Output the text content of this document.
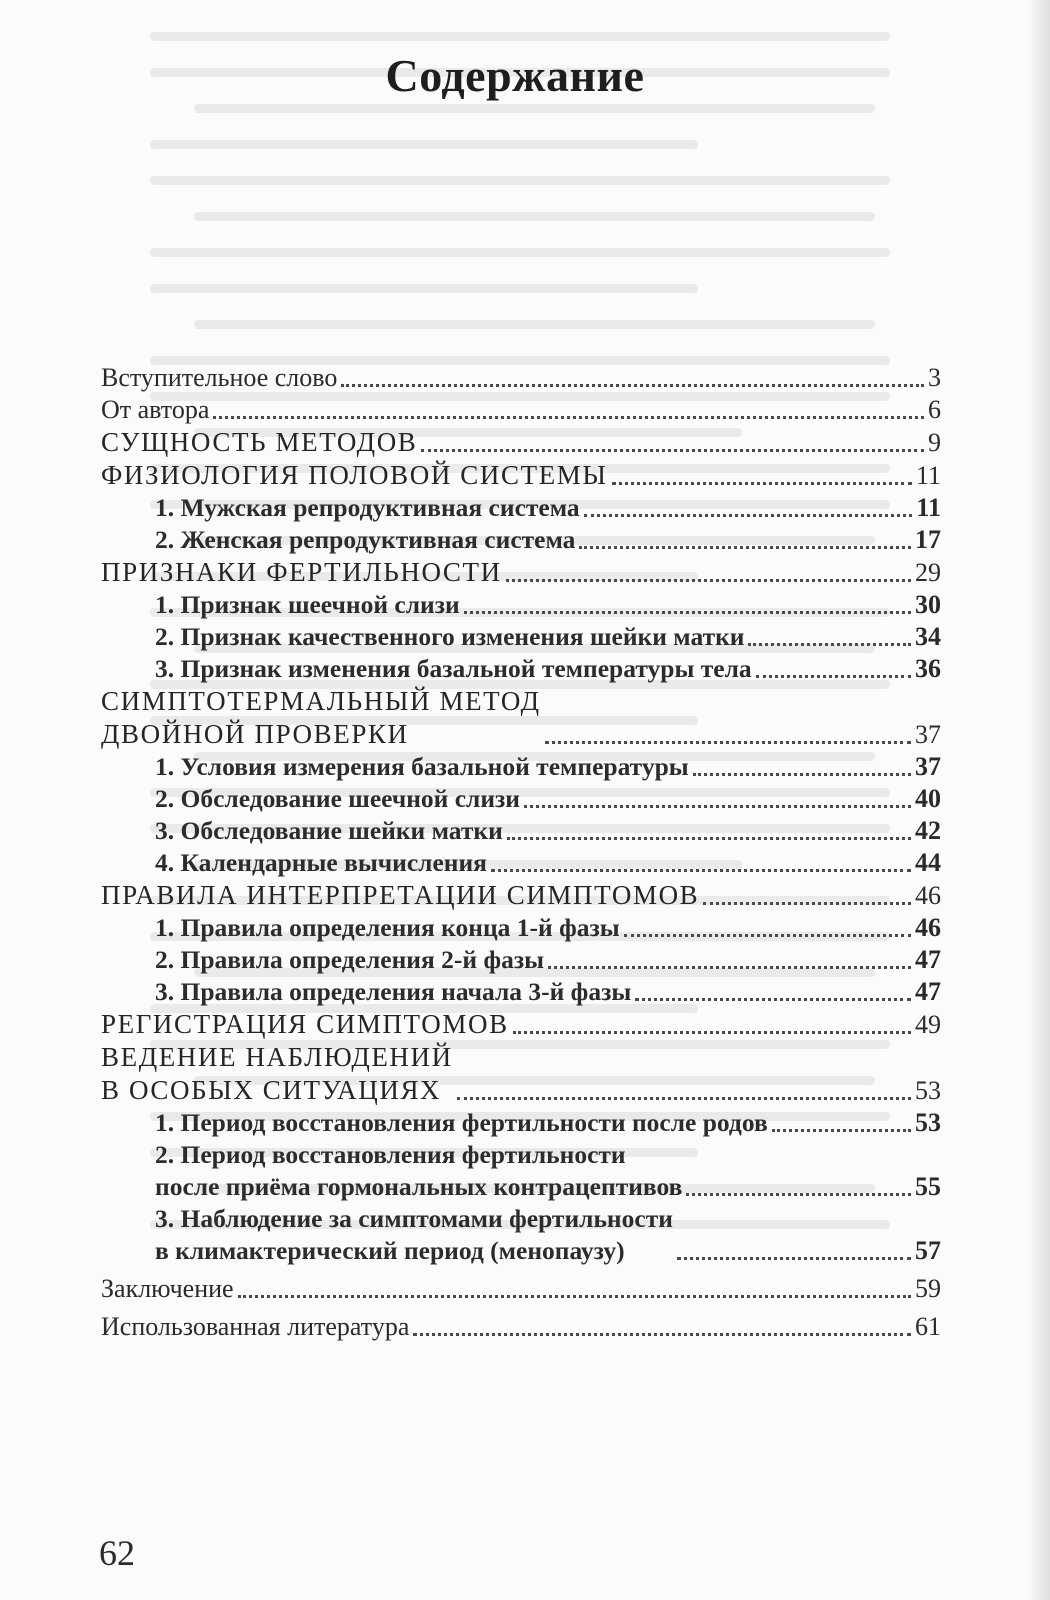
Содержание
Вступительное слово	3
От автора	6
СУЩНОСТЬ МЕТОДОВ	9
ФИЗИОЛОГИЯ ПОЛОВОЙ СИСТЕМЫ	11
1. Мужская репродуктивная система	11
2. Женская репродуктивная система	17
ПРИЗНАКИ ФЕРТИЛЬНОСТИ	29
1. Признак шеечной слизи	30
2. Признак качественного изменения шейки матки	34
3. Признак изменения базальной температуры тела	36
СИМПТОТЕРМАЛЬНЫЙ МЕТОД
ДВОЙНОЙ ПРОВЕРКИ	37
1. Условия измерения базальной температуры	37
2. Обследование шеечной слизи	40
3. Обследование шейки матки	42
4. Календарные вычисления	44
ПРАВИЛА ИНТЕРПРЕТАЦИИ СИМПТОМОВ	46
1. Правила определения конца 1-й фазы	46
2. Правила определения 2-й фазы	47
3. Правила определения начала 3-й фазы	47
РЕГИСТРАЦИЯ СИМПТОМОВ	49
ВЕДЕНИЕ НАБЛЮДЕНИЙ
В ОСОБЫХ СИТУАЦИЯХ	53
1. Период восстановления фертильности после родов	53
2. Период восстановления фертильности
после приёма гормональных контрацептивов	55
3. Наблюдение за симптомами фертильности
в климактерический период (менопаузу)	57
Заключение	59
Использованная литература	61
62
